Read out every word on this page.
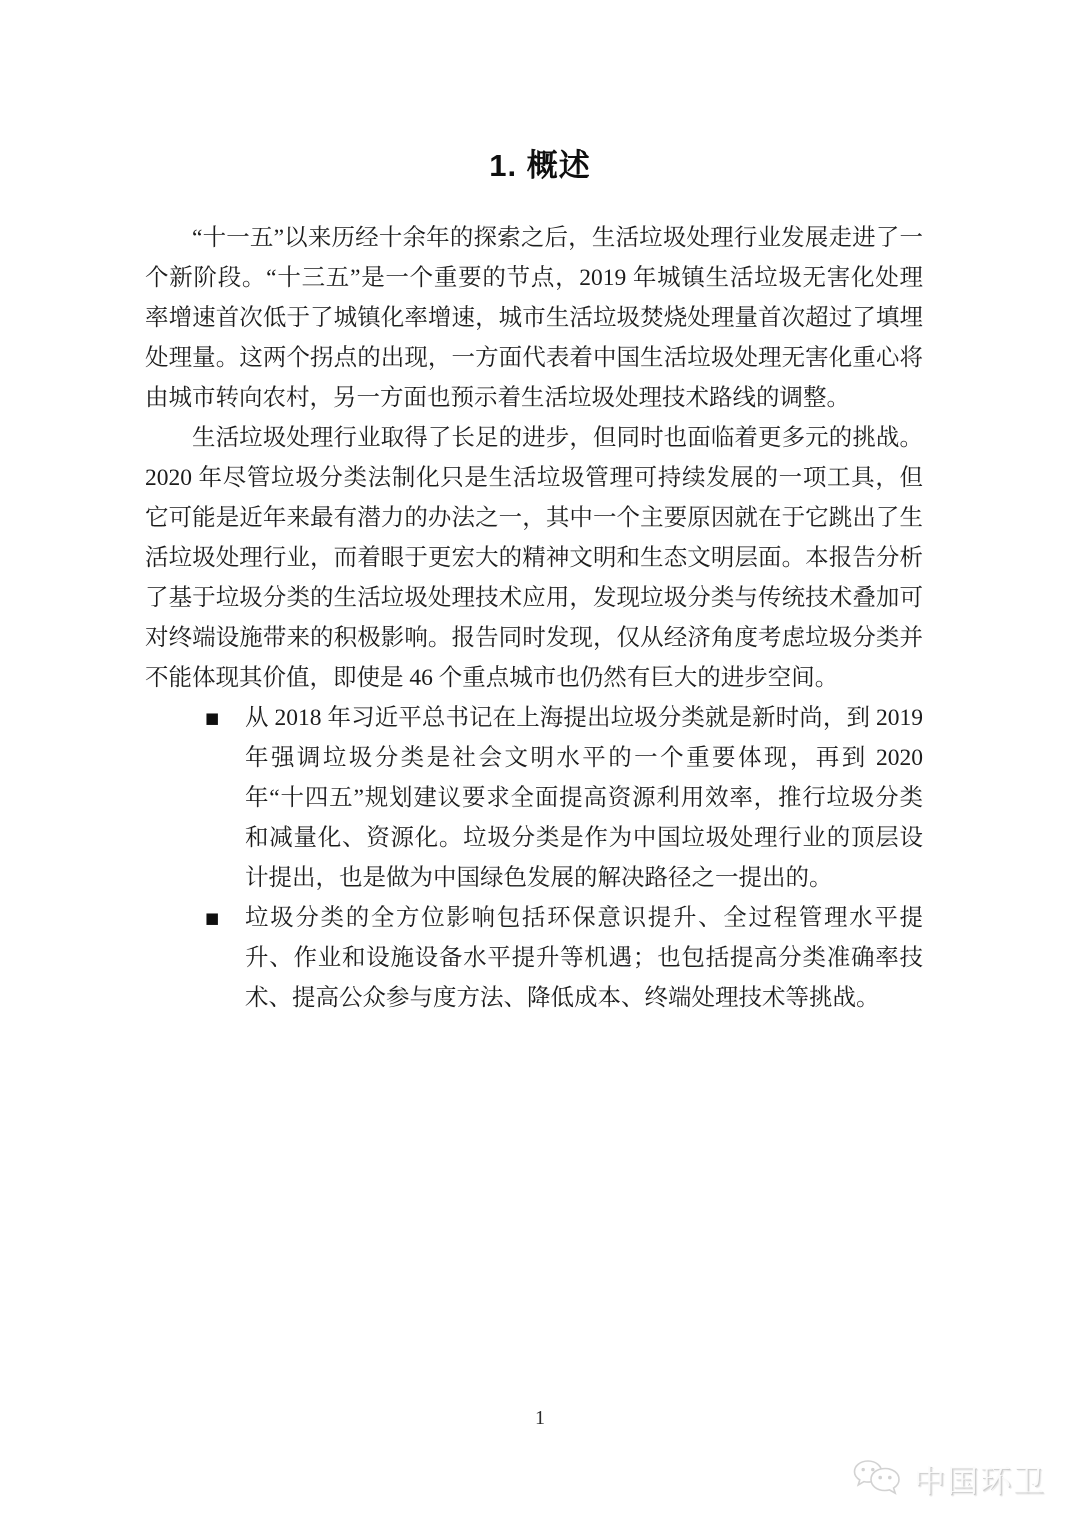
1. 概述

“十一五”以来历经十余年的探索之后，生活垃圾处理行业发展走进了一个新阶段。“十三五”是一个重要的节点，2019 年城镇生活垃圾无害化处理率增速首次低于了城镇化率增速，城市生活垃圾焚烧处理量首次超过了填埋处理量。这两个拐点的出现，一方面代表着中国生活垃圾处理无害化重心将由城市转向农村，另一方面也预示着生活垃圾处理技术路线的调整。

生活垃圾处理行业取得了长足的进步，但同时也面临着更多元的挑战。2020 年尽管垃圾分类法制化只是生活垃圾管理可持续发展的一项工具，但它可能是近年来最有潜力的办法之一，其中一个主要原因就在于它跳出了生活垃圾处理行业，而着眼于更宏大的精神文明和生态文明层面。本报告分析了基于垃圾分类的生活垃圾处理技术应用，发现垃圾分类与传统技术叠加可对终端设施带来的积极影响。报告同时发现，仅从经济角度考虑垃圾分类并不能体现其价值，即使是 46 个重点城市也仍然有巨大的进步空间。

■	从 2018 年习近平总书记在上海提出垃圾分类就是新时尚，到 2019 年强调垃圾分类是社会文明水平的一个重要体现，再到 2020 年“十四五”规划建议要求全面提高资源利用效率，推行垃圾分类和减量化、资源化。垃圾分类是作为中国垃圾处理行业的顶层设计提出，也是做为中国绿色发展的解决路径之一提出的。

■	垃圾分类的全方位影响包括环保意识提升、全过程管理水平提升、作业和设施设备水平提升等机遇；也包括提高分类准确率技术、提高公众参与度方法、降低成本、终端处理技术等挑战。

1
中国环卫
